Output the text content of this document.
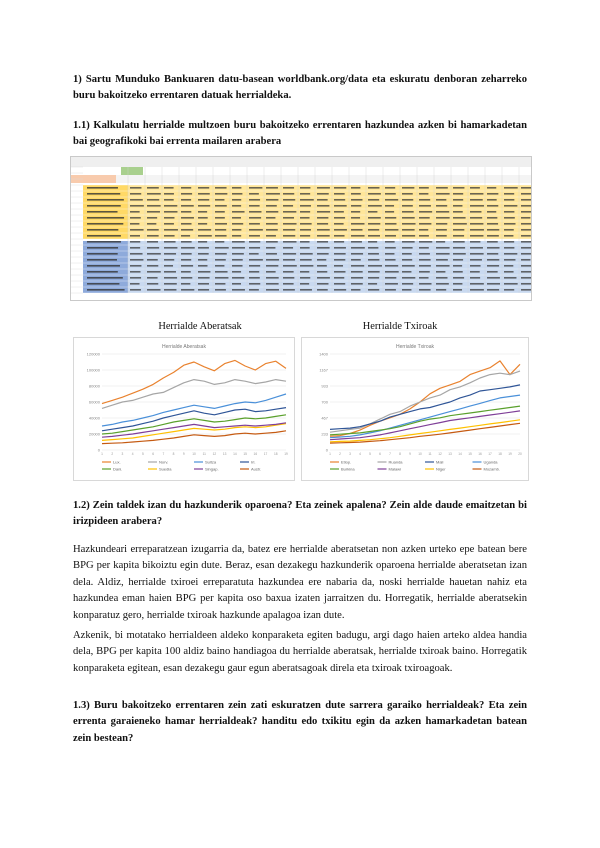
1) Sartu Munduko Bankuaren datu-basean worldbank.org/data eta eskuratu denboran zeharreko buru bakoitzeko errentaren datuak herrialdeka.

1.1) Kalkulatu herrialde multzoen buru bakoitzeko errentaren hazkundea azken bi hamarkadetan bai geografikoki bai errenta mailaren arabera

Herrialde Aberatsak	Herrialde Txiroak
Herrialde Aberatsak
0
20000
40000
60000
80000
100000
120000
1	2	3	4	5	6	7	8	9 10 11 12 13 14 15 16 17 18 19
Lux.	Norv.	Suitza	Irl.
Dani.	Suedia	Singap.	Austr.
Herrialde Txiroak
0
233
467
700
933
1167
1400
1	2	3	4	5	6	7	8	9 10 11 12 13 14 15 16 17 18 19 20
Etiop.	Ruanda	Mali	Uganda
Burkina	Malawi	Niger	Mozamb.

1.2) Zein taldek izan du hazkunderik oparoena? Eta zeinek apalena? Zein alde daude emaitzetan bi irizpideen arabera?

Hazkundeari erreparatzean izugarria da, batez ere herrialde aberatsetan non azken urteko epe batean bere BPG per kapita bikoiztu egin dute. Beraz, esan dezakegu hazkunderik oparoena herrialde aberatsetan izan dela. Aldiz, herrialde txiroei erreparatuta hazkundea ere nabaria da, noski herrialde hauetan nahiz eta hazkundea eman haien BPG per kapita oso baxua izaten jarraitzen du. Horregatik, herrialde aberatsekin konparatuz gero, herrialde txiroak hazkunde apalagoa izan dute.

Azkenik, bi motatako herrialdeen aldeko konparaketa egiten badugu, argi dago haien arteko aldea handia dela, BPG per kapita 100 aldiz baino handiagoa du herrialde aberatsak, herrialde txiroak baino. Horregatik konparaketa egitean, esan dezakegu gaur egun aberatsagoak direla eta txiroak txiroagoak.

1.3) Buru bakoitzeko errentaren zein zati eskuratzen dute sarrera garaiko herrialdeak? Eta zein errenta garaieneko hamar herrialdeak? handitu edo txikitu egin da azken hamarkadetan batean zein bestean?
